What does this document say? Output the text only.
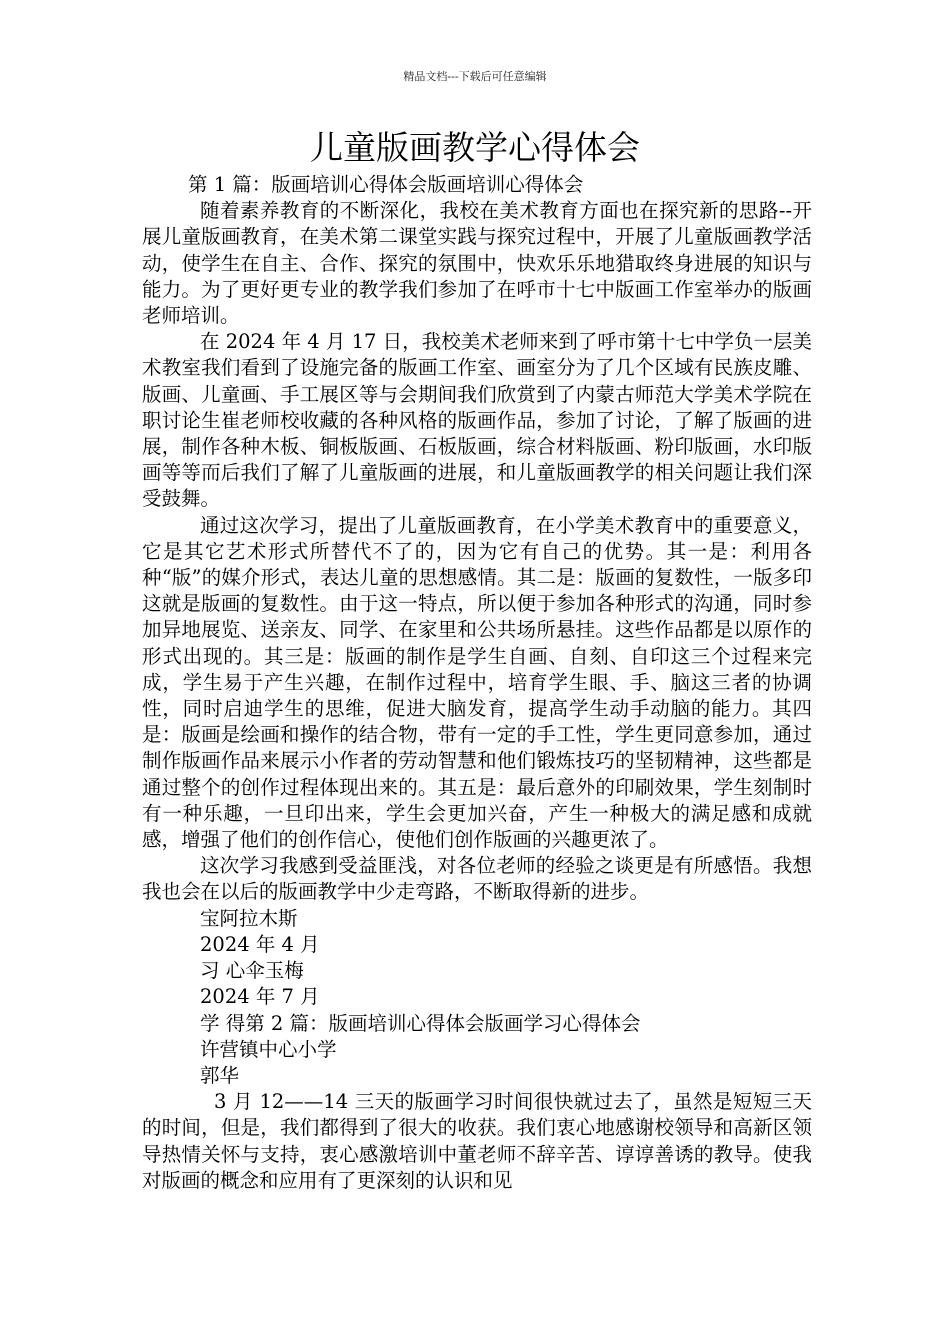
精品文档---下载后可任意编辑
儿童版画教学心得体会

第 1 篇：版画培训心得体会版画培训心得体会

随着素养教育的不断深化，我校在美术教育方面也在探究新的思路--开展儿童版画教育，在美术第二课堂实践与探究过程中，开展了儿童版画教学活动，使学生在自主、合作、探究的氛围中，快欢乐乐地猎取终身进展的知识与能力。为了更好更专业的教学我们参加了在呼市十七中版画工作室举办的版画老师培训。

在 2024 年 4 月 17 日，我校美术老师来到了呼市第十七中学负一层美术教室我们看到了设施完备的版画工作室、画室分为了几个区域有民族皮雕、版画、儿童画、手工展区等与会期间我们欣赏到了内蒙古师范大学美术学院在职讨论生崔老师校收藏的各种风格的版画作品，参加了讨论，了解了版画的进展，制作各种木板、铜板版画、石板版画，综合材料版画、粉印版画，水印版画等等而后我们了解了儿童版画的进展，和儿童版画教学的相关问题让我们深受鼓舞。

通过这次学习，提出了儿童版画教育，在小学美术教育中的重要意义，它是其它艺术形式所替代不了的，因为它有自己的优势。其一是：利用各种“版”的媒介形式，表达儿童的思想感情。其二是：版画的复数性，一版多印这就是版画的复数性。由于这一特点，所以便于参加各种形式的沟通，同时参加异地展览、送亲友、同学、在家里和公共场所悬挂。这些作品都是以原作的形式出现的。其三是：版画的制作是学生自画、自刻、自印这三个过程来完成，学生易于产生兴趣，在制作过程中，培育学生眼、手、脑这三者的协调性，同时启迪学生的思维，促进大脑发育，提高学生动手动脑的能力。其四是：版画是绘画和操作的结合物，带有一定的手工性，学生更同意参加，通过制作版画作品来展示小作者的劳动智慧和他们锻炼技巧的坚韧精神，这些都是通过整个的创作过程体现出来的。其五是：最后意外的印刷效果，学生刻制时有一种乐趣，一旦印出来，学生会更加兴奋，产生一种极大的满足感和成就感，增强了他们的创作信心，使他们创作版画的兴趣更浓了。

这次学习我感到受益匪浅，对各位老师的经验之谈更是有所感悟。我想我也会在以后的版画教学中少走弯路，不断取得新的进步。

宝阿拉木斯

2024 年 4 月

习 心伞玉梅

2024 年 7 月

学 得第 2 篇：版画培训心得体会版画学习心得体会

许营镇中心小学

郭华

3 月 12——14 三天的版画学习时间很快就过去了，虽然是短短三天的时间，但是，我们都得到了很大的收获。我们衷心地感谢校领导和高新区领导热情关怀与支持，衷心感激培训中董老师不辞辛苦、谆谆善诱的教导。使我对版画的概念和应用有了更深刻的认识和见
